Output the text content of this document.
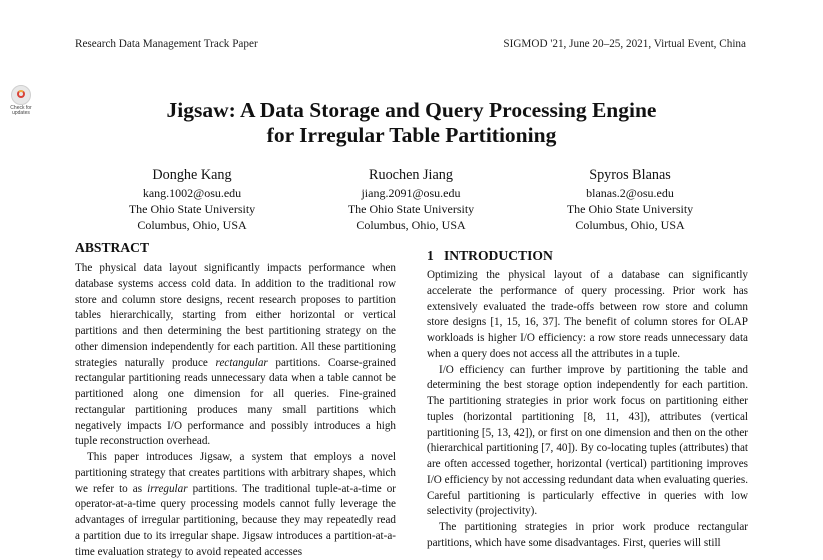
Research Data Management Track Paper	SIGMOD '21, June 20–25, 2021, Virtual Event, China
Check for
updates	Jigsaw: A Data Storage and Query Processing Engine
for Irregular Table Partitioning
Donghe Kang
kang.1002@osu.edu
The Ohio State University
Columbus, Ohio, USA
Ruochen Jiang
jiang.2091@osu.edu
The Ohio State University
Columbus, Ohio, USA
Spyros Blanas
blanas.2@osu.edu
The Ohio State University
Columbus, Ohio, USA
ABSTRACT

The physical data layout significantly impacts performance when database systems access cold data. In addition to the traditional row store and column store designs, recent research proposes to partition tables hierarchically, starting from either horizontal or vertical partitions and then determining the best partitioning strategy on the other dimension independently for each partition. All these partitioning strategies naturally produce rectangular partitions. Coarse-grained rectangular partitioning reads unnecessary data when a table cannot be partitioned along one dimension for all queries. Fine-grained rectangular partitioning produces many small partitions which negatively impacts I/O performance and possibly introduces a high tuple reconstruction overhead.

This paper introduces Jigsaw, a system that employs a novel partitioning strategy that creates partitions with arbitrary shapes, which we refer to as irregular partitions. The traditional tuple-at-a-time or operator-at-a-time query processing models cannot fully leverage the advantages of irregular partitioning, because they may repeatedly read a partition due to its irregular shape. Jigsaw introduces a partition-at-a-time evaluation strategy to avoid repeated accesses

1   INTRODUCTION

Optimizing the physical layout of a database can significantly accelerate the performance of query processing. Prior work has extensively evaluated the trade-offs between row store and column store designs [1, 15, 16, 37]. The benefit of column stores for OLAP workloads is higher I/O efficiency: a row store reads unnecessary data when a query does not access all the attributes in a tuple.

I/O efficiency can further improve by partitioning the table and determining the best storage option independently for each partition. The partitioning strategies in prior work focus on partitioning either tuples (horizontal partitioning [8, 11, 43]), attributes (vertical partitioning [5, 13, 42]), or first on one dimension and then on the other (hierarchical partitioning [7, 40]). By co-locating tuples (attributes) that are often accessed together, horizontal (vertical) partitioning improves I/O efficiency by not accessing redundant data when evaluating queries. Careful partitioning is particularly effective in queries with low selectivity (projectivity).

The partitioning strategies in prior work produce rectangular partitions, which have some disadvantages. First, queries will still
